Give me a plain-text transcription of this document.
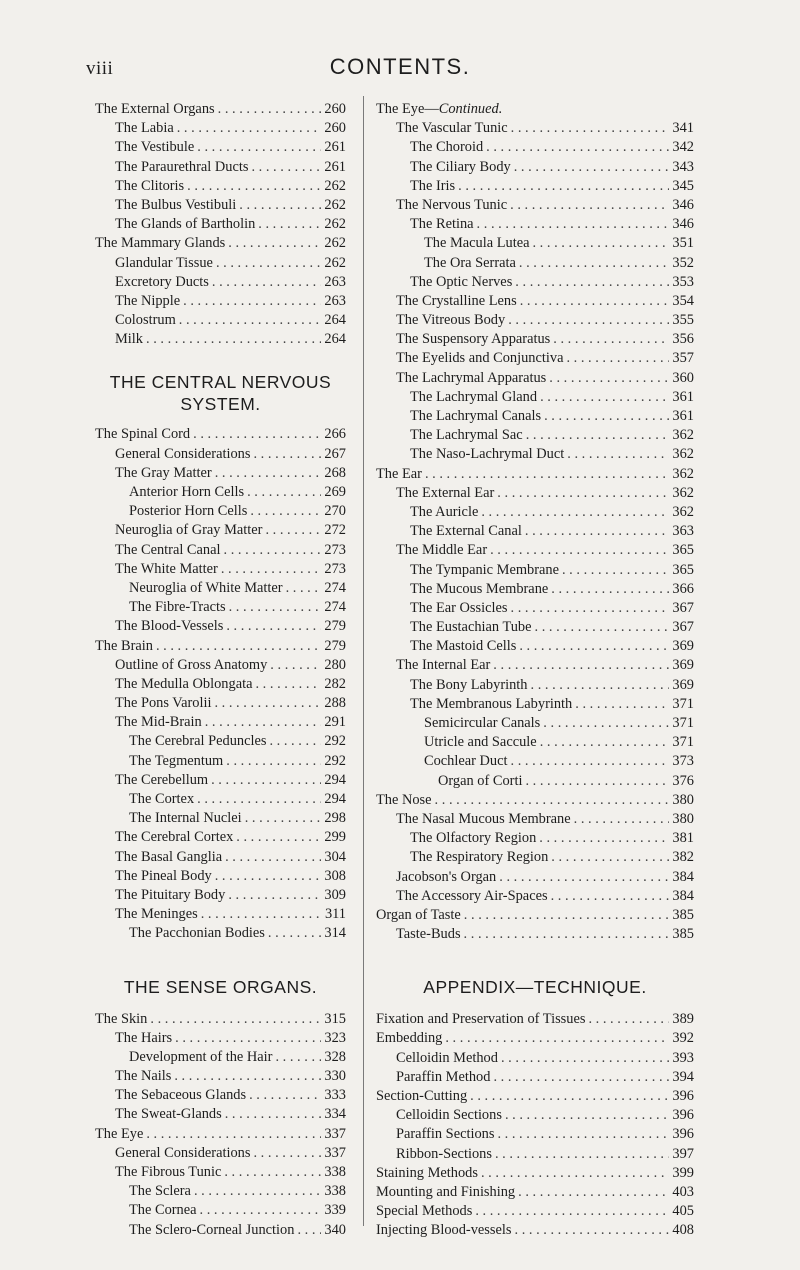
viii	CONTENTS.
The External Organs . . .	260
The Labia . . .	260
The Vestibule . . .	261
The Paraurethral Ducts . . .	261
The Clitoris . . .	262
The Bulbus Vestibuli . . .	262
The Glands of Bartholin . . .	262
The Mammary Glands . . .	262
Glandular Tissue . . .	262
Excretory Ducts . . .	263
The Nipple . . .	263
Colostrum . . .	264
Milk . . .	264
THE CENTRAL NERVOUS
SYSTEM.
The Spinal Cord . . .	266
General Considerations . . .	267
The Gray Matter . . .	268
Anterior Horn Cells . . .	269
Posterior Horn Cells . . .	270
Neuroglia of Gray Matter . . .	272
The Central Canal . . .	273
The White Matter . . .	273
Neuroglia of White Matter . . .	274
The Fibre-Tracts . . .	274
The Blood-Vessels . . .	279
The Brain . . .	279
Outline of Gross Anatomy . . .	280
The Medulla Oblongata . . .	282
The Pons Varolii . . .	288
The Mid-Brain . . .	291
The Cerebral Peduncles . . .	292
The Tegmentum . . .	292
The Cerebellum . . .	294
The Cortex . . .	294
The Internal Nuclei . . .	298
The Cerebral Cortex . . .	299
The Basal Ganglia . . .	304
The Pineal Body . . .	308
The Pituitary Body . . .	309
The Meninges . . .	311
The Pacchonian Bodies . . .	314
THE SENSE ORGANS.
The Skin . . .	315
The Hairs . . .	323
Development of the Hair . . .	328
The Nails . . .	330
The Sebaceous Glands . . .	333
The Sweat-Glands . . .	334
The Eye . . .	337
General Considerations . . .	337
The Fibrous Tunic . . .	338
The Sclera . . .	338
The Cornea . . .	339
The Sclero-Corneal Junction . . . 340
The Eye—Continued.
The Vascular Tunic . . .	341
The Choroid . . .	342
The Ciliary Body . . .	343
The Iris . . .	345
The Nervous Tunic . . .	346
The Retina . . .	346
The Macula Lutea . . .	351
The Ora Serrata . . .	352
The Optic Nerves . . .	353
The Crystalline Lens . . .	354
The Vitreous Body . . .	355
The Suspensory Apparatus . . .	356
The Eyelids and Conjunctiva . . .	357
The Lachrymal Apparatus . . .	360
The Lachrymal Gland . . .	361
The Lachrymal Canals . . .	361
The Lachrymal Sac . . .	362
The Naso-Lachrymal Duct . . .	362
The Ear . . .	362
The External Ear . . .	362
The Auricle . . .	362
The External Canal . . .	363
The Middle Ear . . .	365
The Tympanic Membrane . . .	365
The Mucous Membrane . . .	366
The Ear Ossicles . . .	367
The Eustachian Tube . . .	367
The Mastoid Cells . . .	369
The Internal Ear . . .	369
The Bony Labyrinth . . .	369
The Membranous Labyrinth . . .	371
Semicircular Canals . . .	371
Utricle and Saccule . . .	371
Cochlear Duct . . .	373
Organ of Corti . . .	376
The Nose . . .	380
The Nasal Mucous Membrane . . .	380
The Olfactory Region . . .	381
The Respiratory Region . . .	382
Jacobson's Organ . . .	384
The Accessory Air-Spaces . . .	384
Organ of Taste . . .	385
Taste-Buds . . .	385
APPENDIX—TECHNIQUE.
Fixation and Preservation of Tissues . . .	389
Embedding . . .	392
Celloidin Method . . .	393
Paraffin Method . . .	394
Section-Cutting . . .	396
Celloidin Sections . . .	396
Paraffin Sections . . .	396
Ribbon-Sections . . .	397
Staining Methods . . .	399
Mounting and Finishing . . .	403
Special Methods . . .	405
Injecting Blood-vessels . . .	408
